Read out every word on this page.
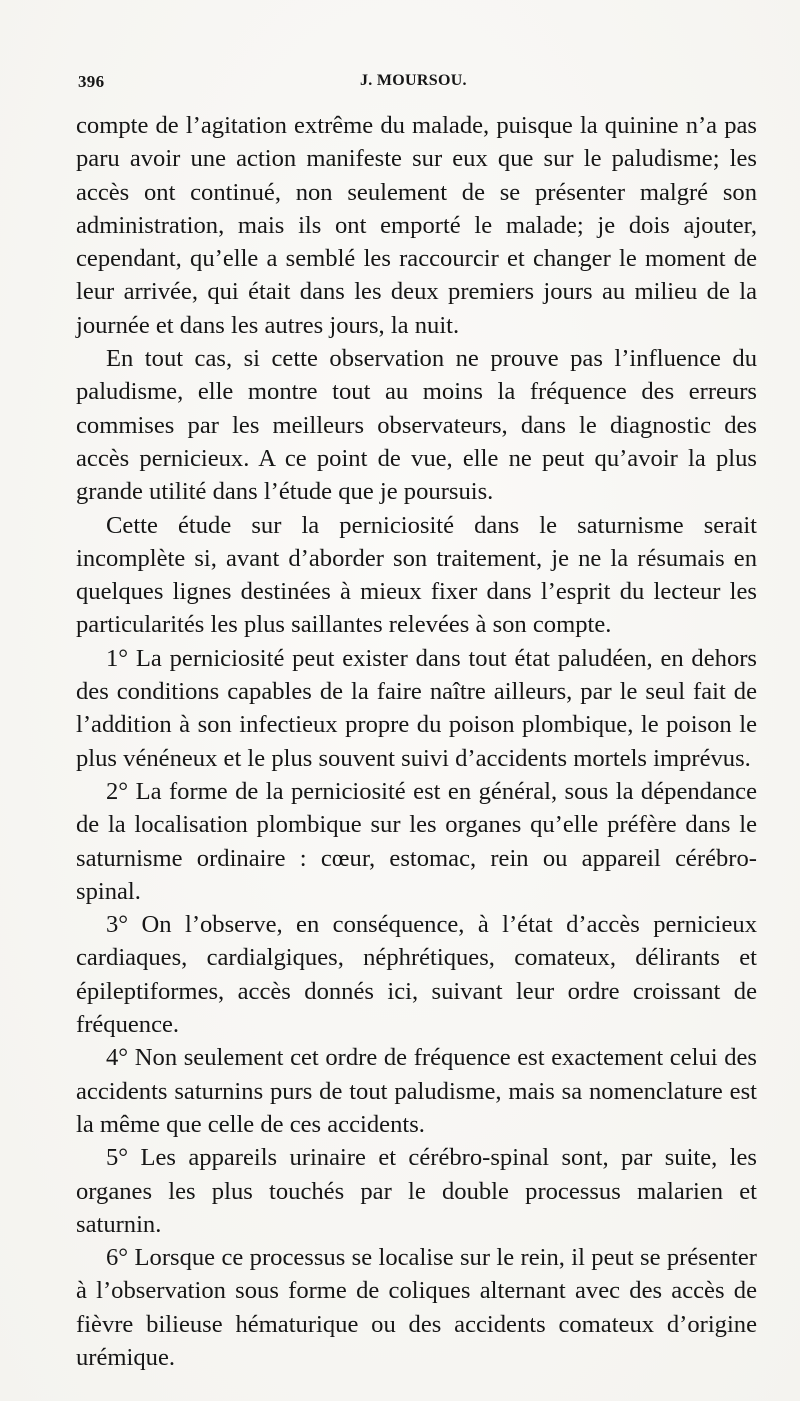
396	J. MOURSOU.

compte de l’agitation extrême du malade, puisque la quinine n’a pas paru avoir une action manifeste sur eux que sur le paludisme; les accès ont continué, non seulement de se présenter malgré son administration, mais ils ont emporté le malade; je dois ajouter, cependant, qu’elle a semblé les raccourcir et changer le moment de leur arrivée, qui était dans les deux premiers jours au milieu de la journée et dans les autres jours, la nuit.

En tout cas, si cette observation ne prouve pas l’influence du paludisme, elle montre tout au moins la fréquence des erreurs commises par les meilleurs observateurs, dans le diagnostic des accès pernicieux. A ce point de vue, elle ne peut qu’avoir la plus grande utilité dans l’étude que je poursuis.

Cette étude sur la perniciosité dans le saturnisme serait incomplète si, avant d’aborder son traitement, je ne la résumais en quelques lignes destinées à mieux fixer dans l’esprit du lecteur les particularités les plus saillantes relevées à son compte.

1° La perniciosité peut exister dans tout état paludéen, en dehors des conditions capables de la faire naître ailleurs, par le seul fait de l’addition à son infectieux propre du poison plombique, le poison le plus vénéneux et le plus souvent suivi d’accidents mortels imprévus.

2° La forme de la perniciosité est en général, sous la dépendance de la localisation plombique sur les organes qu’elle préfère dans le saturnisme ordinaire : cœur, estomac, rein ou appareil cérébro-spinal.

3° On l’observe, en conséquence, à l’état d’accès pernicieux cardiaques, cardialgiques, néphrétiques, comateux, délirants et épileptiformes, accès donnés ici, suivant leur ordre croissant de fréquence.

4° Non seulement cet ordre de fréquence est exactement celui des accidents saturnins purs de tout paludisme, mais sa nomenclature est la même que celle de ces accidents.

5° Les appareils urinaire et cérébro-spinal sont, par suite, les organes les plus touchés par le double processus malarien et saturnin.

6° Lorsque ce processus se localise sur le rein, il peut se présenter à l’observation sous forme de coliques alternant avec des accès de fièvre bilieuse hématurique ou des accidents comateux d’origine urémique.
